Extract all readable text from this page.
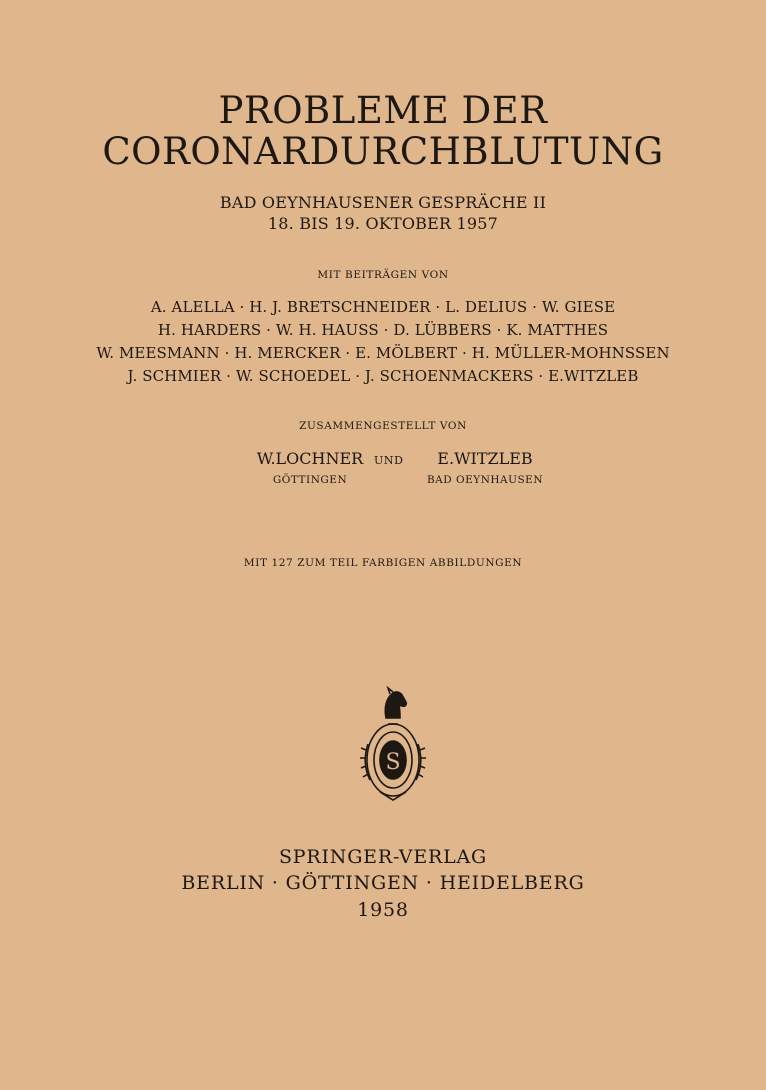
PROBLEME DER
CORONARDURCHBLUTUNG
BAD OEYNHAUSENER GESPRÄCHE II
18. BIS 19. OKTOBER 1957
MIT BEITRÄGEN VON
A. ALELLA · H. J. BRETSCHNEIDER · L. DELIUS · W. GIESE
H. HARDERS · W. H. HAUSS · D. LÜBBERS · K. MATTHES
W. MEESMANN · H. MERCKER · E. MÖLBERT · H. MÜLLER-MOHNSSEN
J. SCHMIER · W. SCHOEDEL · J. SCHOENMACKERS · E.WITZLEB
ZUSAMMENGESTELLT VON
W.LOCHNER
GÖTTINGEN
UND	E.WITZLEB
BAD OEYNHAUSEN
MIT 127 ZUM TEIL FARBIGEN ABBILDUNGEN
S
SPRINGER-VERLAG
BERLIN · GÖTTINGEN · HEIDELBERG
1958
